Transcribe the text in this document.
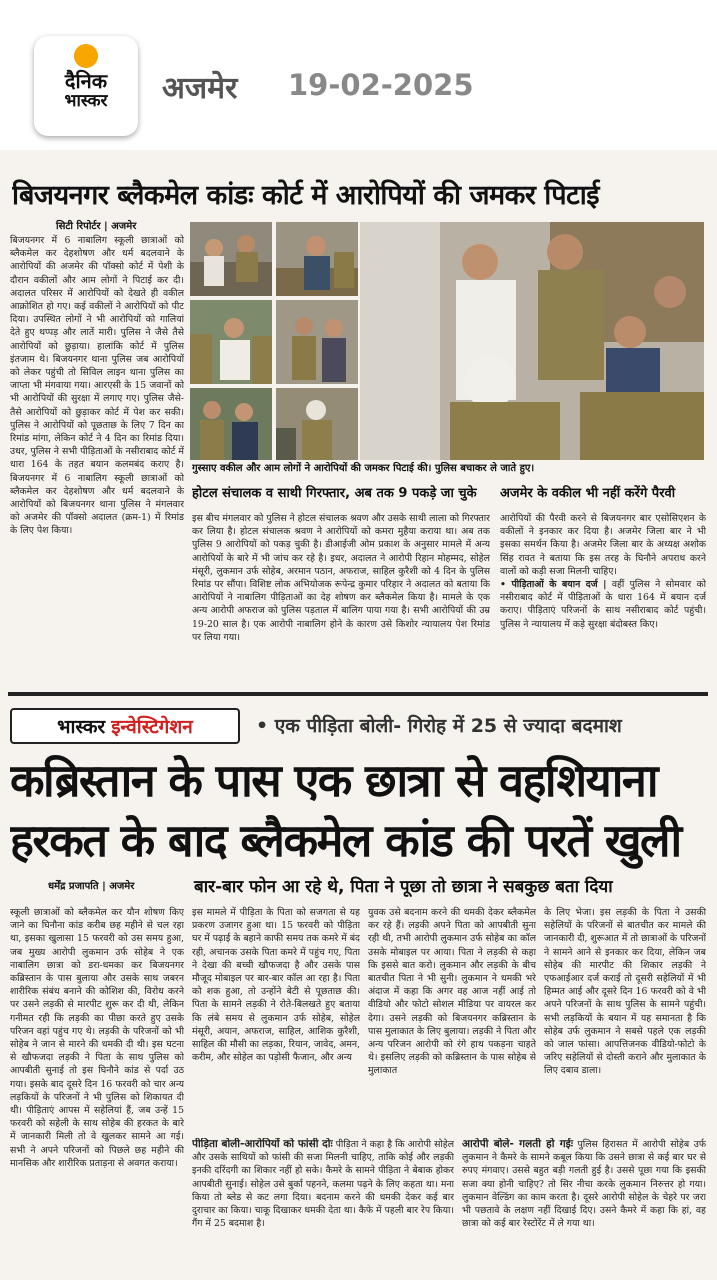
दैनिक
भास्कर	अजमेर 19-02-2025
बिजयनगर ब्लैकमेल कांडः कोर्ट में आरोपियों की जमकर पिटाई
सिटी रिपोर्टर | अजमेर
बिजयनगर में 6 नाबालिग स्कूली छात्राओं को ब्लैकमेल कर देहशोषण और धर्म बदलवाने के आरोपियों की अजमेर की पॉक्सो कोर्ट में पेशी के दौरान वकीलों और आम लोगों ने पिटाई कर दी। अदालत परिसर में आरोपियों को देखते ही वकील आक्रोशित हो गए। कई वकीलों ने आरोपियों को पीट दिया। उपस्थित लोगों ने भी आरोपियों को गालियां देते हुए थप्पड़ और लातें मारी। पुलिस ने जैसे तैसे आरोपियों को छुड़ाया। हालांकि कोर्ट में पुलिस इंतजाम थे। बिजयनगर थाना पुलिस जब आरोपियों को लेकर पहुंची तो सिविल लाइन थाना पुलिस का जाप्ता भी मंगवाया गया। आरएसी के 15 जवानों को भी आरोपियों की सुरक्षा में लगाए गए। पुलिस जैसे-तैसे आरोपियों को छुड़ाकर कोर्ट में पेश कर सकी। पुलिस ने आरोपियों को पूछताछ के लिए 7 दिन का रिमांड मांगा, लेकिन कोर्ट ने 4 दिन का रिमांड दिया। उधर, पुलिस ने सभी पीड़िताओं के नसीराबाद कोर्ट में धारा 164 के तहत बयान कलमबंद कराए है। बिजयनगर में 6 नाबालिग स्कूली छात्राओं को ब्लैकमेल कर देहशोषण और धर्म बदलवाने के आरोपियों को बिजयनगर थाना पुलिस ने मंगलवार को अजमेर की पॉक्सो अदालत (क्रम-1) में रिमांड के लिए पेश किया।
गुस्साए वकील और आम लोगों ने आरोपियों की जमकर पिटाई की। पुलिस बचाकर ले जाते हुए।
होटल संचालक व साथी गिरफ्तार, अब तक 9 पकड़े जा चुके
इस बीच मंगलवार को पुलिस ने होटल संचालक श्रवण और उसके साथी लाला को गिरफ्तार कर लिया है। होटल संचालक श्रवण ने आरोपियों को कमरा मुहैया कराया था। अब तक पुलिस 9 आरोपियों को पकड़ चुकी है। डीआईजी ओम प्रकाश के अनुसार मामले में अन्य आरोपियों के बारे में भी जांच कर रहे है। इधर, अदालत ने आरोपी रिहान मोहम्मद, सोहेल मंसूरी, लुकमान उर्फ सोहेब, अरमान पठान, अफराज, साहिल कुरैशी को 4 दिन के पुलिस रिमांड पर सौंपा। विशिष्ट लोक अभियोजक रूपेन्द्र कुमार परिहार ने अदालत को बताया कि आरोपियों ने नाबालिग पीड़िताओं का देह शोषण कर ब्लैकमेल किया है। मामले के एक अन्य आरोपी अफराज को पुलिस पड़ताल में बालिग पाया गया है। सभी आरोपियों की उम्र 19-20 साल है। एक आरोपी नाबालिग होने के कारण उसे किशोर न्यायालय पेश रिमांड पर लिया गया।
अजमेर के वकील भी नहीं करेंगे पैरवी
आरोपियों की पैरवी करने से बिजयनगर बार एसोसिएशन के वकीलों ने इनकार कर दिया है। अजमेर जिला बार ने भी इसका समर्थन किया है। अजमेर जिला बार के अध्यक्ष अशोक सिंह रावत ने बताया कि इस तरह के घिनौने अपराध करने वालों को कड़ी सजा मिलनी चाहिए।
• पीड़िताओं के बयान दर्ज | वहीं पुलिस ने सोमवार को नसीराबाद कोर्ट में पीड़िताओं के धारा 164 में बयान दर्ज कराए। पीड़िताएं परिजनों के साथ नसीराबाद कोर्ट पहुंची। पुलिस ने न्यायालय में कड़े सुरक्षा बंदोबस्त किए।
भास्कर इन्वेस्टिगेशन	• एक पीड़िता बोली- गिरोह में 25 से ज्यादा बदमाश
कब्रिस्तान के पास एक छात्रा से वहशियाना
हरकत के बाद ब्लैकमेल कांड की परतें खुली
धर्मेंद्र प्रजापति | अजमेर	बार-बार फोन आ रहे थे, पिता ने पूछा तो छात्रा ने सबकुछ बता दिया
स्कूली छात्राओं को ब्लैकमेल कर यौन शोषण किए जाने का घिनौना कांड करीब छह महीने से चल रहा था, इसका खुलासा 15 फरवरी को उस समय हुआ, जब मुख्य आरोपी लुकमान उर्फ सोहेब ने एक नाबालिग छात्रा को डरा-धमका कर बिजयनगर कब्रिस्तान के पास बुलाया और उसके साथ जबरन शारीरिक संबंध बनाने की कोशिश की, विरोध करने पर उसने लड़की से मारपीट शुरू कर दी थी, लेकिन गनीमत रही कि लड़की का पीछा करते हुए उसके परिजन वहां पहुंच गए थे। लड़की के परिजनों को भी सोहेब ने जान से मारने की धमकी दी थी। इस घटना से खौफजदा लड़की ने पिता के साथ पुलिस को आपबीती सुनाई तो इस घिनौने कांड से पर्दा उठ गया। इसके बाद दूसरे दिन 16 फरवरी को चार अन्य लड़कियों के परिजनों ने भी पुलिस को शिकायत दी थी। पीड़िताएं आपस में सहेलियां हैं, जब उन्हें 15 फरवरी को सहेली के साथ सोहेब की हरकत के बारे में जानकारी मिली तो वे खुलकर सामने आ गई। सभी ने अपने परिजनों को पिछले छह महीने की मानसिक और शारीरिक प्रताड़ना से अवगत कराया।
इस मामले में पीड़िता के पिता को सजगता से यह प्रकरण उजागर हुआ था। 15 फरवरी को पीड़िता घर में पढ़ाई के बहाने काफी समय तक कमरे में बंद रही, अचानक उसके पिता कमरे में पहुंच गए, पिता ने देखा की बच्ची खौफजदा है और उसके पास मौजूद मोबाइल पर बार-बार कॉल आ रहा है। पिता को शक हुआ, तो उन्होंने बेटी से पूछताछ की। पिता के सामने लड़की ने रोते-बिलखते हुए बताया कि लंबे समय से लुकमान उर्फ सोहेब, सोहेल मंसूरी, अयान, अफराज, साहिल, आशिक कुरैशी, साहिल की मौसी का लड़का, रियान, जावेद, अमन, करीम, और सोहेल का पड़ोसी फैजान, और अन्य
युवक उसे बदनाम करने की धमकी देकर ब्लैकमेल कर रहे हैं। लड़की अपने पिता को आपबीती सुना रही थी, तभी आरोपी लुकमान उर्फ सोहेब का कॉल उसके मोबाइल पर आया। पिता ने लड़की से कहा कि इससे बात करो। लुकमान और लड़की के बीच बातचीत पिता ने भी सुनी। लुकमान ने धमकी भरे अंदाज में कहा कि अगर वह आज नहीं आई तो वीडियो और फोटो सोशल मीडिया पर वायरल कर देगा। उसने लड़की को बिजयनगर कब्रिस्तान के पास मुलाकात के लिए बुलाया। लड़की ने पिता और अन्य परिजन आरोपी को रंगे हाथ पकड़ना चाहते थे। इसलिए लड़की को कब्रिस्तान के पास सोहेब से मुलाकात
के लिए भेजा। इस लड़की के पिता ने उसकी सहेलियों के परिजनों से बातचीत कर मामले की जानकारी दी, शुरूआत में तो छात्राओं के परिजनों ने सामने आने से इनकार कर दिया, लेकिन जब सोहेब की मारपीट की शिकार लड़की ने एफआईआर दर्ज कराई तो दूसरी सहेलियों में भी हिम्मत आई और दूसरे दिन 16 फरवरी को वे भी अपने परिजनों के साथ पुलिस के सामने पहुंची। सभी लड़कियों के बयान में यह समानता है कि सोहेब उर्फ लुकमान ने सबसे पहले एक लड़की को जाल फांसा। आपत्तिजनक वीडियो-फोटो के जरिए सहेलियों से दोस्ती कराने और मुलाकात के लिए दबाव डाला।
पीड़िता बोली-आरोपियों को फांसी दोः पीड़िता ने कहा है कि आरोपी सोहेल और उसके साथियों को फांसी की सजा मिलनी चाहिए, ताकि कोई और लड़की इनकी दरिंदगी का शिकार नहीं हो सके। कैमरे के सामने पीड़िता ने बेबाक होकर आपबीती सुनाई। सोहेल उसे बुर्का पहनने, कलमा पढ़ने के लिए कहता था। मना किया तो ब्लेड से कट लगा दिया। बदनाम करने की धमकी देकर कई बार दुराचार का किया। चाकू दिखाकर धमकी देता था। कैफे में पहली बार रेप किया। गैंग में 25 बदमाश है।
आरोपी बोले- गलती हो गईः पुलिस हिरासत में आरोपी सोहेब उर्फ लुकमान ने कैमरे के सामने कबूल किया कि उसने छात्रा से कई बार घर से रुपए मंगवाए। उससे बहुत बड़ी गलती हुई है। उससे पूछा गया कि इसकी सजा क्या होनी चाहिए? तो सिर नीचा करके लुकमान निरुत्तर हो गया। लुकमान वेल्डिंग का काम करता है। दूसरे आरोपी सोहेल के चेहरे पर जरा भी पछतावे के लक्षण नहीं दिखाई दिए। उसने कैमरे में कहा कि हां, वह छात्रा को कई बार रेस्टोरेंट में ले गया था।
